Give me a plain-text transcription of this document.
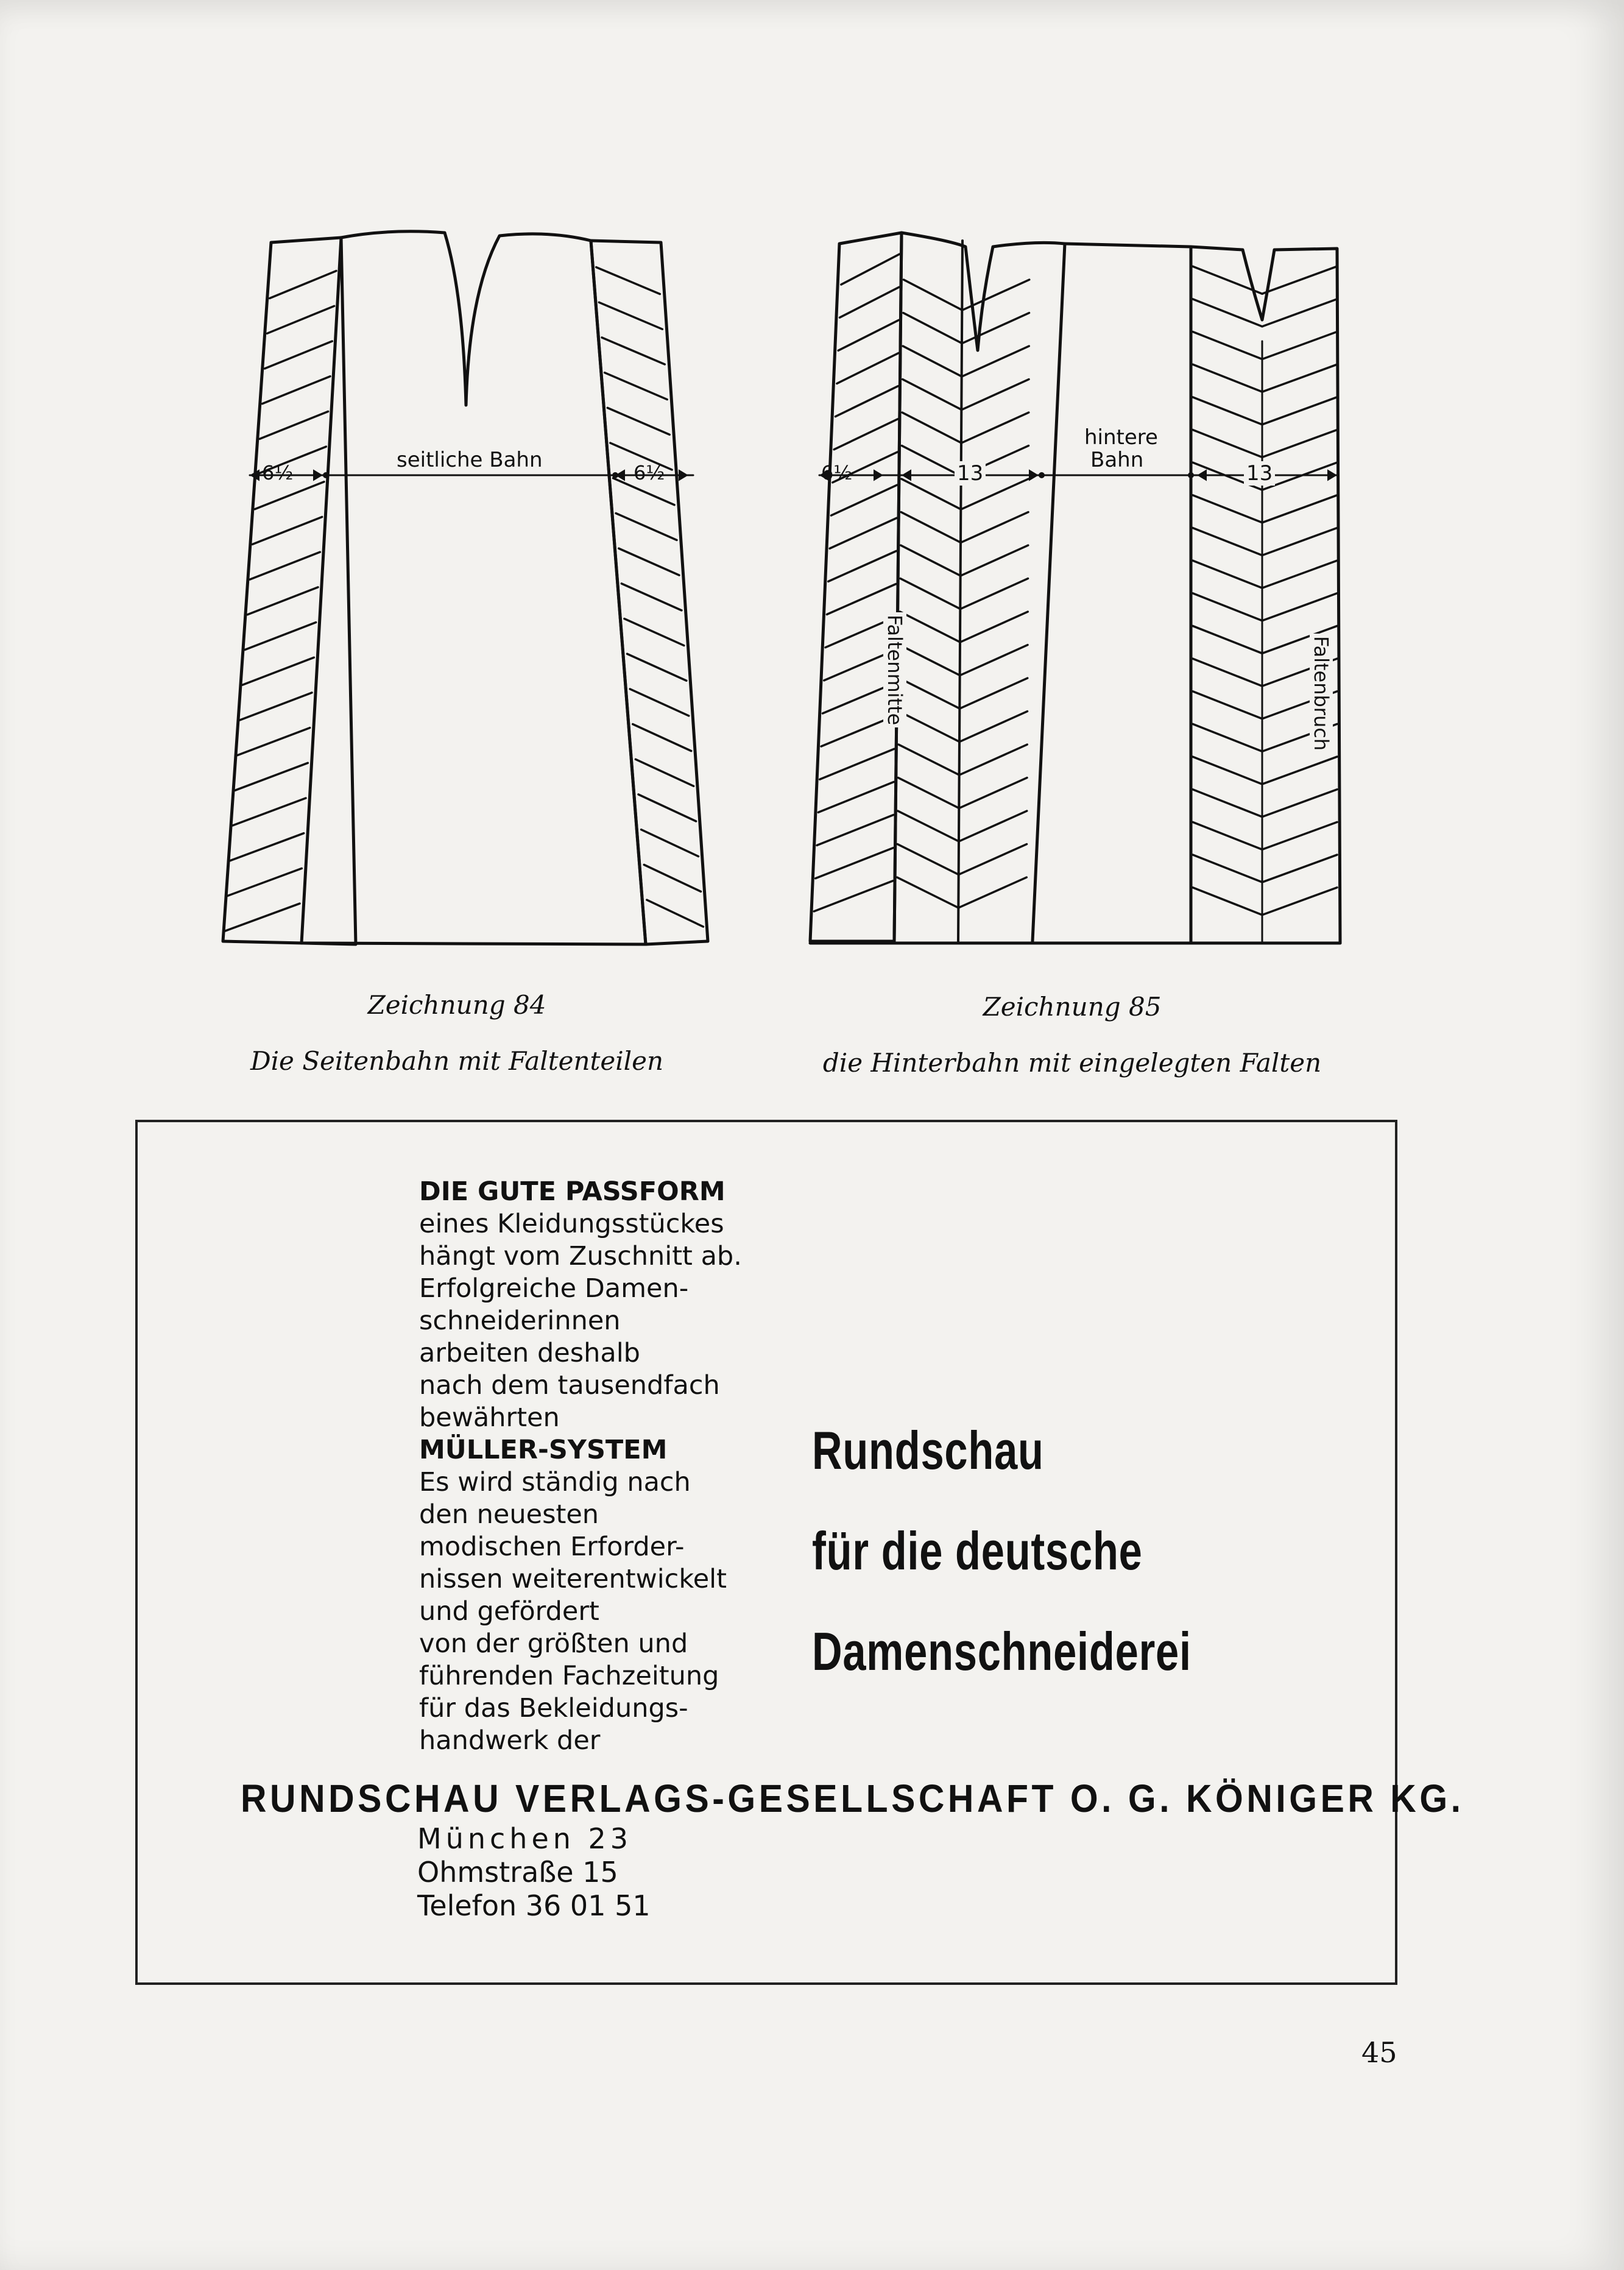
seitliche Bahn
6½	6½
Zeichnung 84
Die Seitenbahn mit Faltenteilen
hintere
Bahn
6½	13	13
Faltenmitte	Faltenbruch
Zeichnung 85
die Hinterbahn mit eingelegten Falten
DIE GUTE PASSFORM
eines Kleidungsstückes
hängt vom Zuschnitt ab.
Erfolgreiche Damen-
schneiderinnen
arbeiten deshalb
nach dem tausendfach
bewährten
MÜLLER-SYSTEM
Es wird ständig nach
den neuesten
modischen Erforder-
nissen weiterentwickelt
und gefördert
von der größten und
führenden Fachzeitung
für das Bekleidungs-
handwerk der
Rundschau
für die deutsche
Damenschneiderei
RUNDSCHAU VERLAGS-GESELLSCHAFT O. G. KÖNIGER KG.
München 23
Ohmstraße 15
Telefon 36 01 51
45
